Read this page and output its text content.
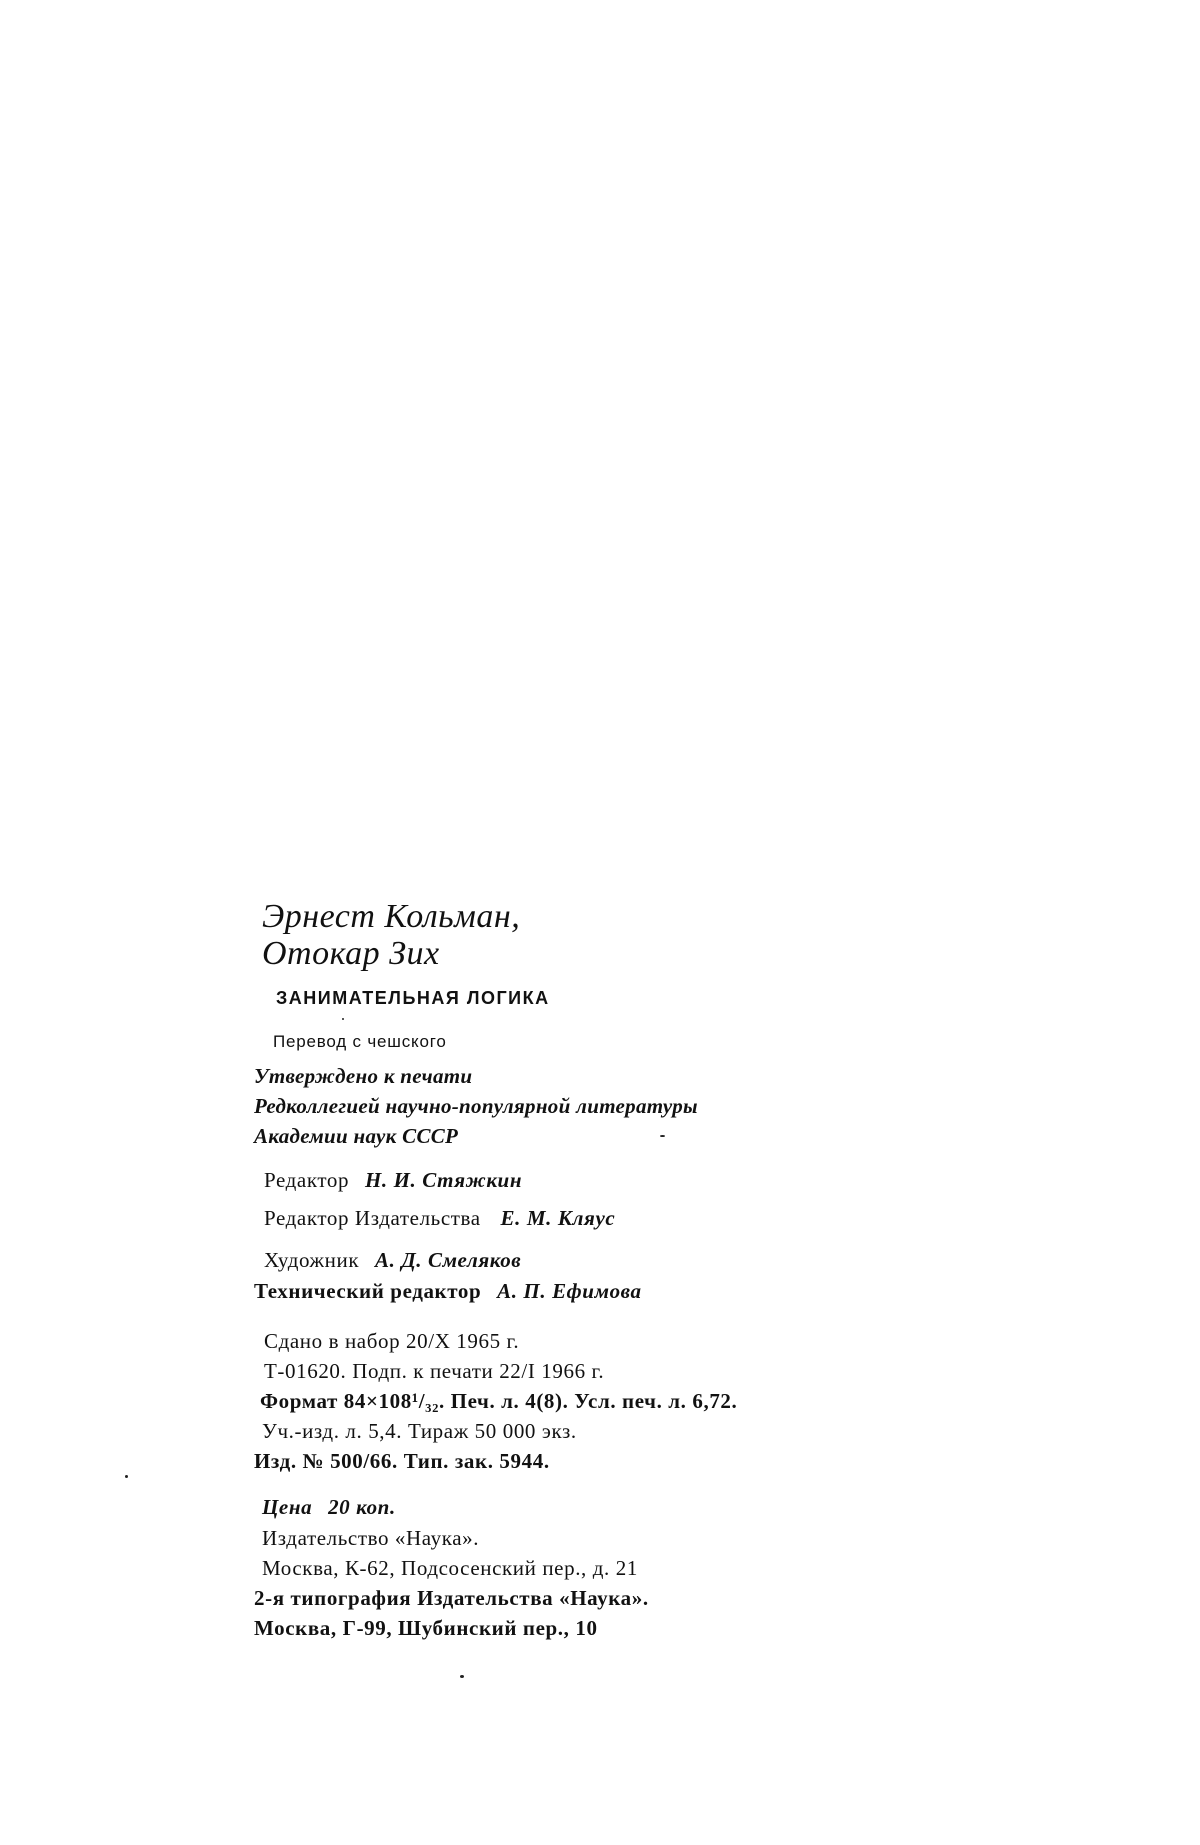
Эрнест Кольман,
Отокар Зих
ЗАНИМАТЕЛЬНАЯ ЛОГИКА
Перевод с чешского
Утверждено к печати
Редколлегией научно-популярной литературы
Академии наук СССР
Редактор Н. И. Стяжкин
Редактор Издательства Е. М. Кляус
Художник А. Д. Смеляков
Технический редактор А. П. Ефимова
Сдано в набор 20/X 1965 г.
Т-01620. Подп. к печати 22/I 1966 г.
Формат 84×108¹/₃₂. Печ. л. 4(8). Усл. печ. л. 6,72.
Уч.-изд. л. 5,4. Тираж 50 000 экз.
Изд. № 500/66. Тип. зак. 5944.
Цена 20 коп.
Издательство «Наука».
Москва, К-62, Подсосенский пер., д. 21
2-я типография Издательства «Наука».
Москва, Г-99, Шубинский пер., 10
